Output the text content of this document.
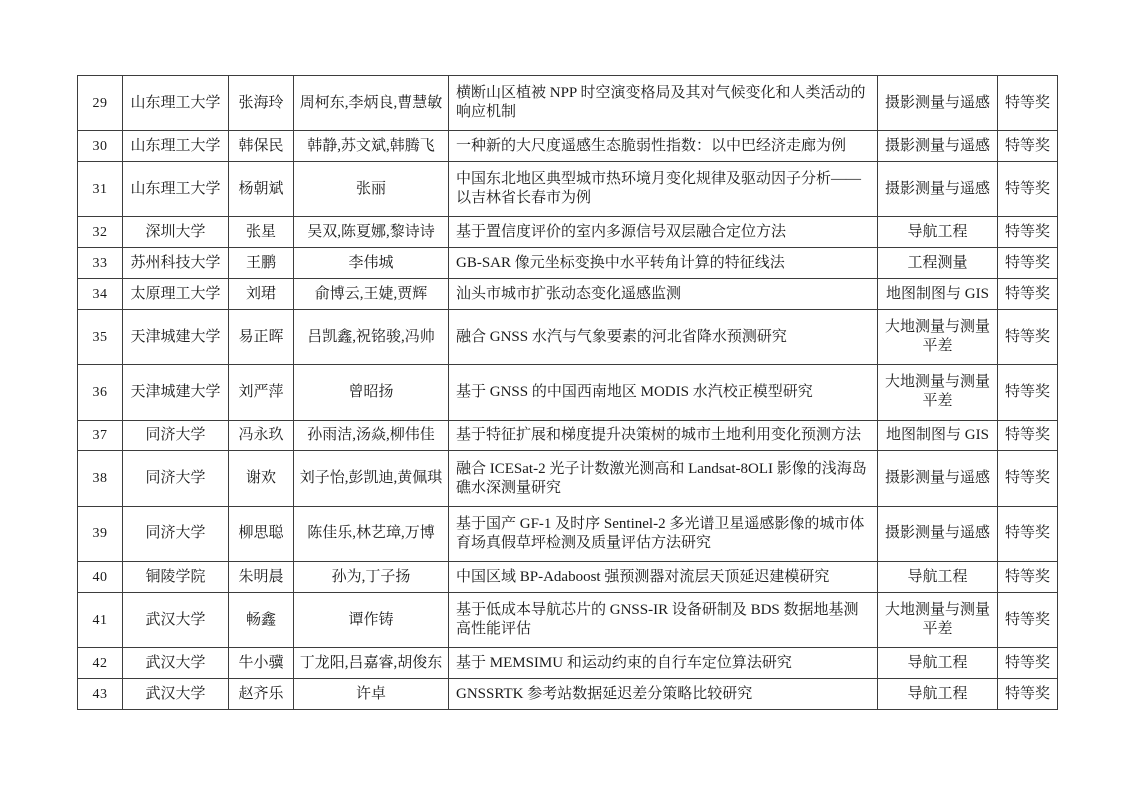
29	山东理工大学	张海玲	周柯东,李炳良,曹慧敏	横断山区植被 NPP 时空演变格局及其对气候变化和人类活动的响应机制	摄影测量与遥感	特等奖
30	山东理工大学	韩保民	韩静,苏文斌,韩腾飞	一种新的大尺度遥感生态脆弱性指数：以中巴经济走廊为例	摄影测量与遥感	特等奖
31	山东理工大学	杨朝斌	张丽	中国东北地区典型城市热环境月变化规律及驱动因子分析——以吉林省长春市为例	摄影测量与遥感	特等奖
32	深圳大学	张星	吴双,陈夏娜,黎诗诗	基于置信度评价的室内多源信号双层融合定位方法	导航工程	特等奖
33	苏州科技大学	王鹏	李伟城	GB-SAR 像元坐标变换中水平转角计算的特征线法	工程测量	特等奖
34	太原理工大学	刘珺	俞博云,王婕,贾辉	汕头市城市扩张动态变化遥感监测	地图制图与 GIS	特等奖
35	天津城建大学	易正晖	吕凯鑫,祝铭骏,冯帅	融合 GNSS 水汽与气象要素的河北省降水预测研究	大地测量与测量平差	特等奖
36	天津城建大学	刘严萍	曾昭扬	基于 GNSS 的中国西南地区 MODIS 水汽校正模型研究	大地测量与测量平差	特等奖
37	同济大学	冯永玖	孙雨洁,汤焱,柳伟佳	基于特征扩展和梯度提升决策树的城市土地利用变化预测方法	地图制图与 GIS	特等奖
38	同济大学	谢欢	刘子怡,彭凯迪,黄佩琪	融合 ICESat-2 光子计数激光测高和 Landsat-8OLI 影像的浅海岛礁水深测量研究	摄影测量与遥感	特等奖
39	同济大学	柳思聪	陈佳乐,林艺璋,万博	基于国产 GF-1 及时序 Sentinel-2 多光谱卫星遥感影像的城市体育场真假草坪检测及质量评估方法研究	摄影测量与遥感	特等奖
40	铜陵学院	朱明晨	孙为,丁子扬	中国区域 BP-Adaboost 强预测器对流层天顶延迟建模研究	导航工程	特等奖
41	武汉大学	畅鑫	谭作铸	基于低成本导航芯片的 GNSS-IR 设备研制及 BDS 数据地基测高性能评估	大地测量与测量平差	特等奖
42	武汉大学	牛小骥	丁龙阳,吕嘉睿,胡俊东	基于 MEMSIMU 和运动约束的自行车定位算法研究	导航工程	特等奖
43	武汉大学	赵齐乐	许卓	GNSSRTK 参考站数据延迟差分策略比较研究	导航工程	特等奖
